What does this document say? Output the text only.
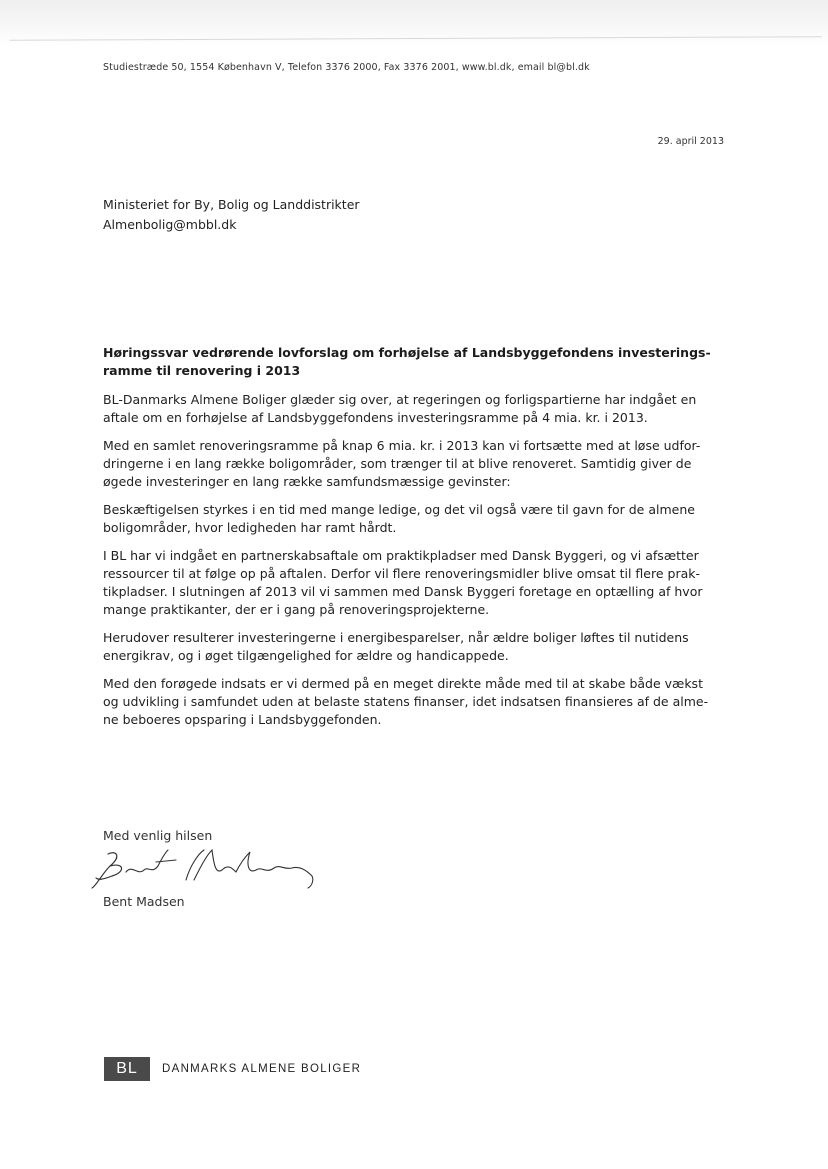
Studiestræde 50, 1554 København V, Telefon 3376 2000, Fax 3376 2001, www.bl.dk, email bl@bl.dk
29. april 2013
Ministeriet for By, Bolig og Landdistrikter
Almenbolig@mbbl.dk
Høringssvar vedrørende lovforslag om forhøjelse af Landsbyggefondens investerings-
ramme til renovering i 2013

BL-Danmarks Almene Boliger glæder sig over, at regeringen og forligspartierne har indgået en
aftale om en forhøjelse af Landsbyggefondens investeringsramme på 4 mia. kr. i 2013.

Med en samlet renoveringsramme på knap 6 mia. kr. i 2013 kan vi fortsætte med at løse udfor-
dringerne i en lang række boligområder, som trænger til at blive renoveret. Samtidig giver de
øgede investeringer en lang række samfundsmæssige gevinster:

Beskæftigelsen styrkes i en tid med mange ledige, og det vil også være til gavn for de almene
boligområder, hvor ledigheden har ramt hårdt.

I BL har vi indgået en partnerskabsaftale om praktikpladser med Dansk Byggeri, og vi afsætter
ressourcer til at følge op på aftalen. Derfor vil flere renoveringsmidler blive omsat til flere prak-
tikpladser. I slutningen af 2013 vil vi sammen med Dansk Byggeri foretage en optælling af hvor
mange praktikanter, der er i gang på renoveringsprojekterne.

Herudover resulterer investeringerne i energibesparelser, når ældre boliger løftes til nutidens
energikrav, og i øget tilgængelighed for ældre og handicappede.

Med den forøgede indsats er vi dermed på en meget direkte måde med til at skabe både vækst
og udvikling i samfundet uden at belaste statens finanser, idet indsatsen finansieres af de alme-
ne beboeres opsparing i Landsbyggefonden.

Med venlig hilsen
Bent Madsen
BL	DANMARKS ALMENE BOLIGER
